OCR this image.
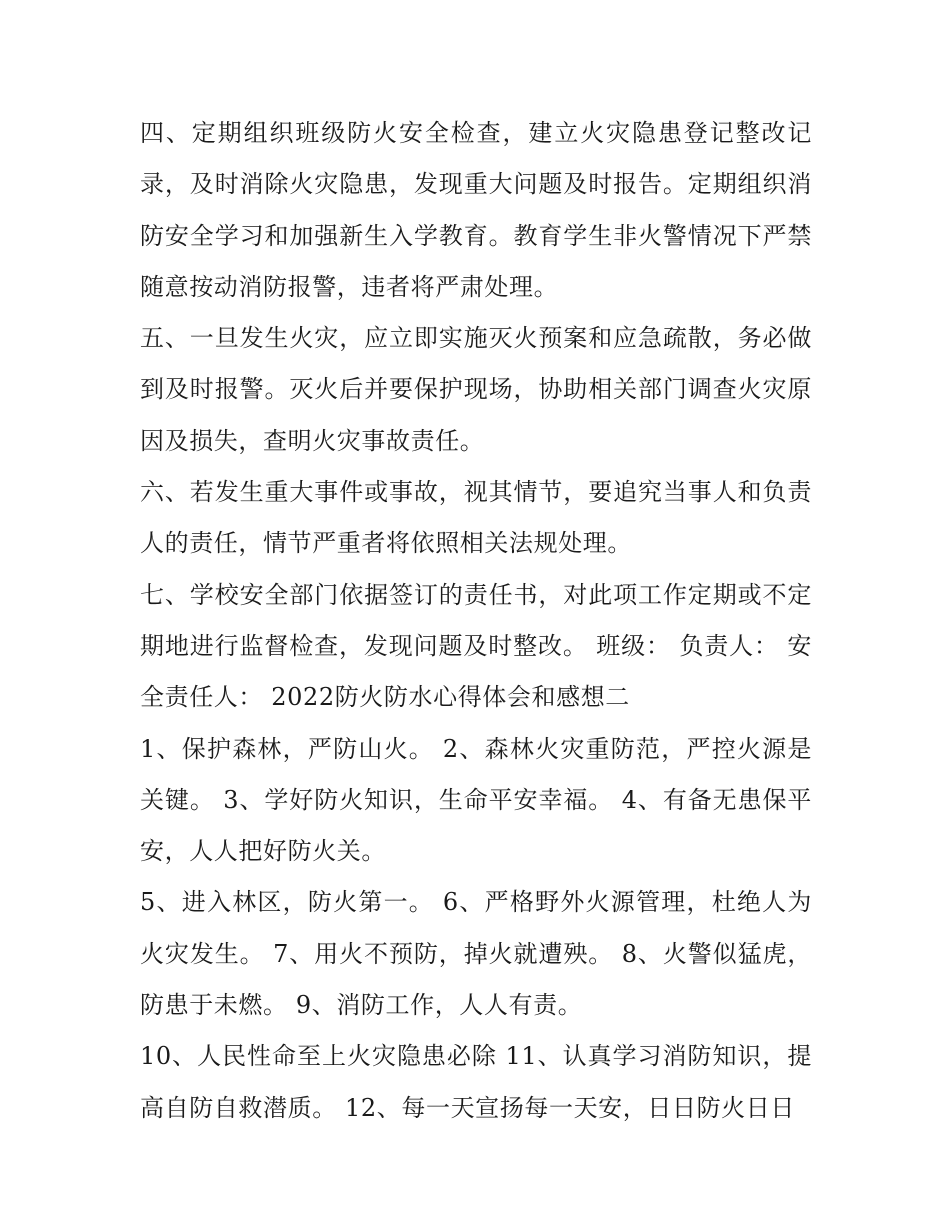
四、定期组织班级防火安全检查，建立火灾隐患登记整改记录，及时消除火灾隐患，发现重大问题及时报告。定期组织消防安全学习和加强新生入学教育。教育学生非火警情况下严禁随意按动消防报警，违者将严肃处理。

五、一旦发生火灾，应立即实施灭火预案和应急疏散，务必做到及时报警。灭火后并要保护现场，协助相关部门调查火灾原因及损失，查明火灾事故责任。

六、若发生重大事件或事故，视其情节，要追究当事人和负责人的责任，情节严重者将依照相关法规处理。

七、学校安全部门依据签订的责任书，对此项工作定期或不定期地进行监督检查，发现问题及时整改。 班级： 负责人： 安全责任人： 2022防火防水心得体会和感想二

1、保护森林，严防山火。 2、森林火灾重防范，严控火源是关键。 3、学好防火知识，生命平安幸福。 4、有备无患保平安，人人把好防火关。

5、进入林区，防火第一。 6、严格野外火源管理，杜绝人为火灾发生。 7、用火不预防，掉火就遭殃。 8、火警似猛虎，防患于未燃。 9、消防工作，人人有责。

10、人民性命至上火灾隐患必除 11、认真学习消防知识，提高自防自救潜质。 12、每一天宣扬每一天安，日日防火日日
